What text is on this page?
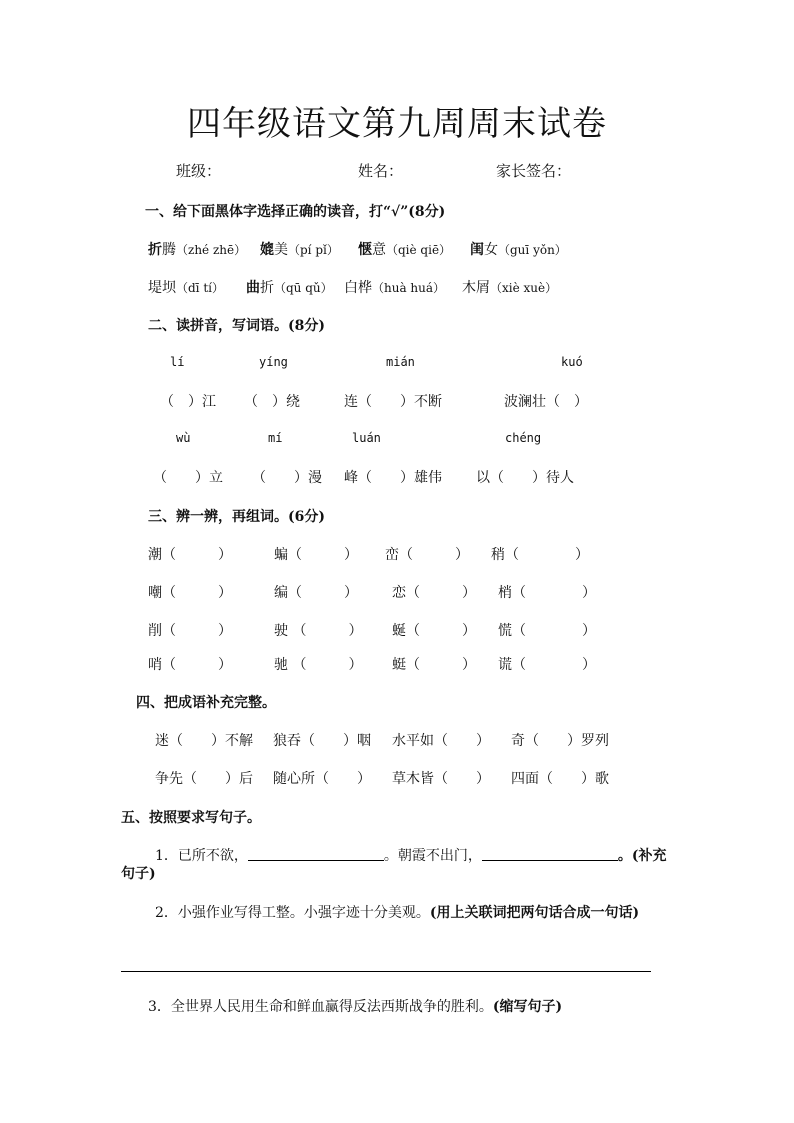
四年级语文第九周周末试卷
班级：	姓名：	家长签名：
一、给下面黑体字选择正确的读音，打“√”(8分)
折腾（zhé zhē） 媲美（pí pǐ） 惬意（qiè qiē） 闺女（guī yǒn）
堤坝（dī tí） 曲折（qū qǔ） 白桦（huà huá） 木屑（xiè xuè）
二、读拼音，写词语。(8分)
lí	yíng	mián	kuó
（　）江 （　）绕	连（　　）不断	波澜壮（　）
wù	mí	luán	chéng
（　　）立 （　　）漫 峰（　　）雄伟 以（　　）待人
三、辨一辨，再组词。(6分)
潮（　　　）	蝙（　　　） 峦（　　　） 稍（　　　　）
嘲（　　　）	编（　　　） 恋（　　　） 梢（　　　　）
削（　　　）	驶 （　　　） 蜒（　　　） 慌（　　　　）
哨（　　　）	驰 （　　　） 蜓（　　　） 谎（　　　　）
四、把成语补充完整。
迷（　　）不解 狼吞（　　）咽 水平如（　　） 奇（　　）罗列
争先（　　）后 随心所（　　） 草木皆（　　） 四面（　　）歌
五、按照要求写句子。
1．已所不欲，	。朝霞不出门，	。(补充
句子)
2．小强作业写得工整。小强字迹十分美观。(用上关联词把两句话合成一句话)
3．全世界人民用生命和鲜血赢得反法西斯战争的胜利。(缩写句子)
